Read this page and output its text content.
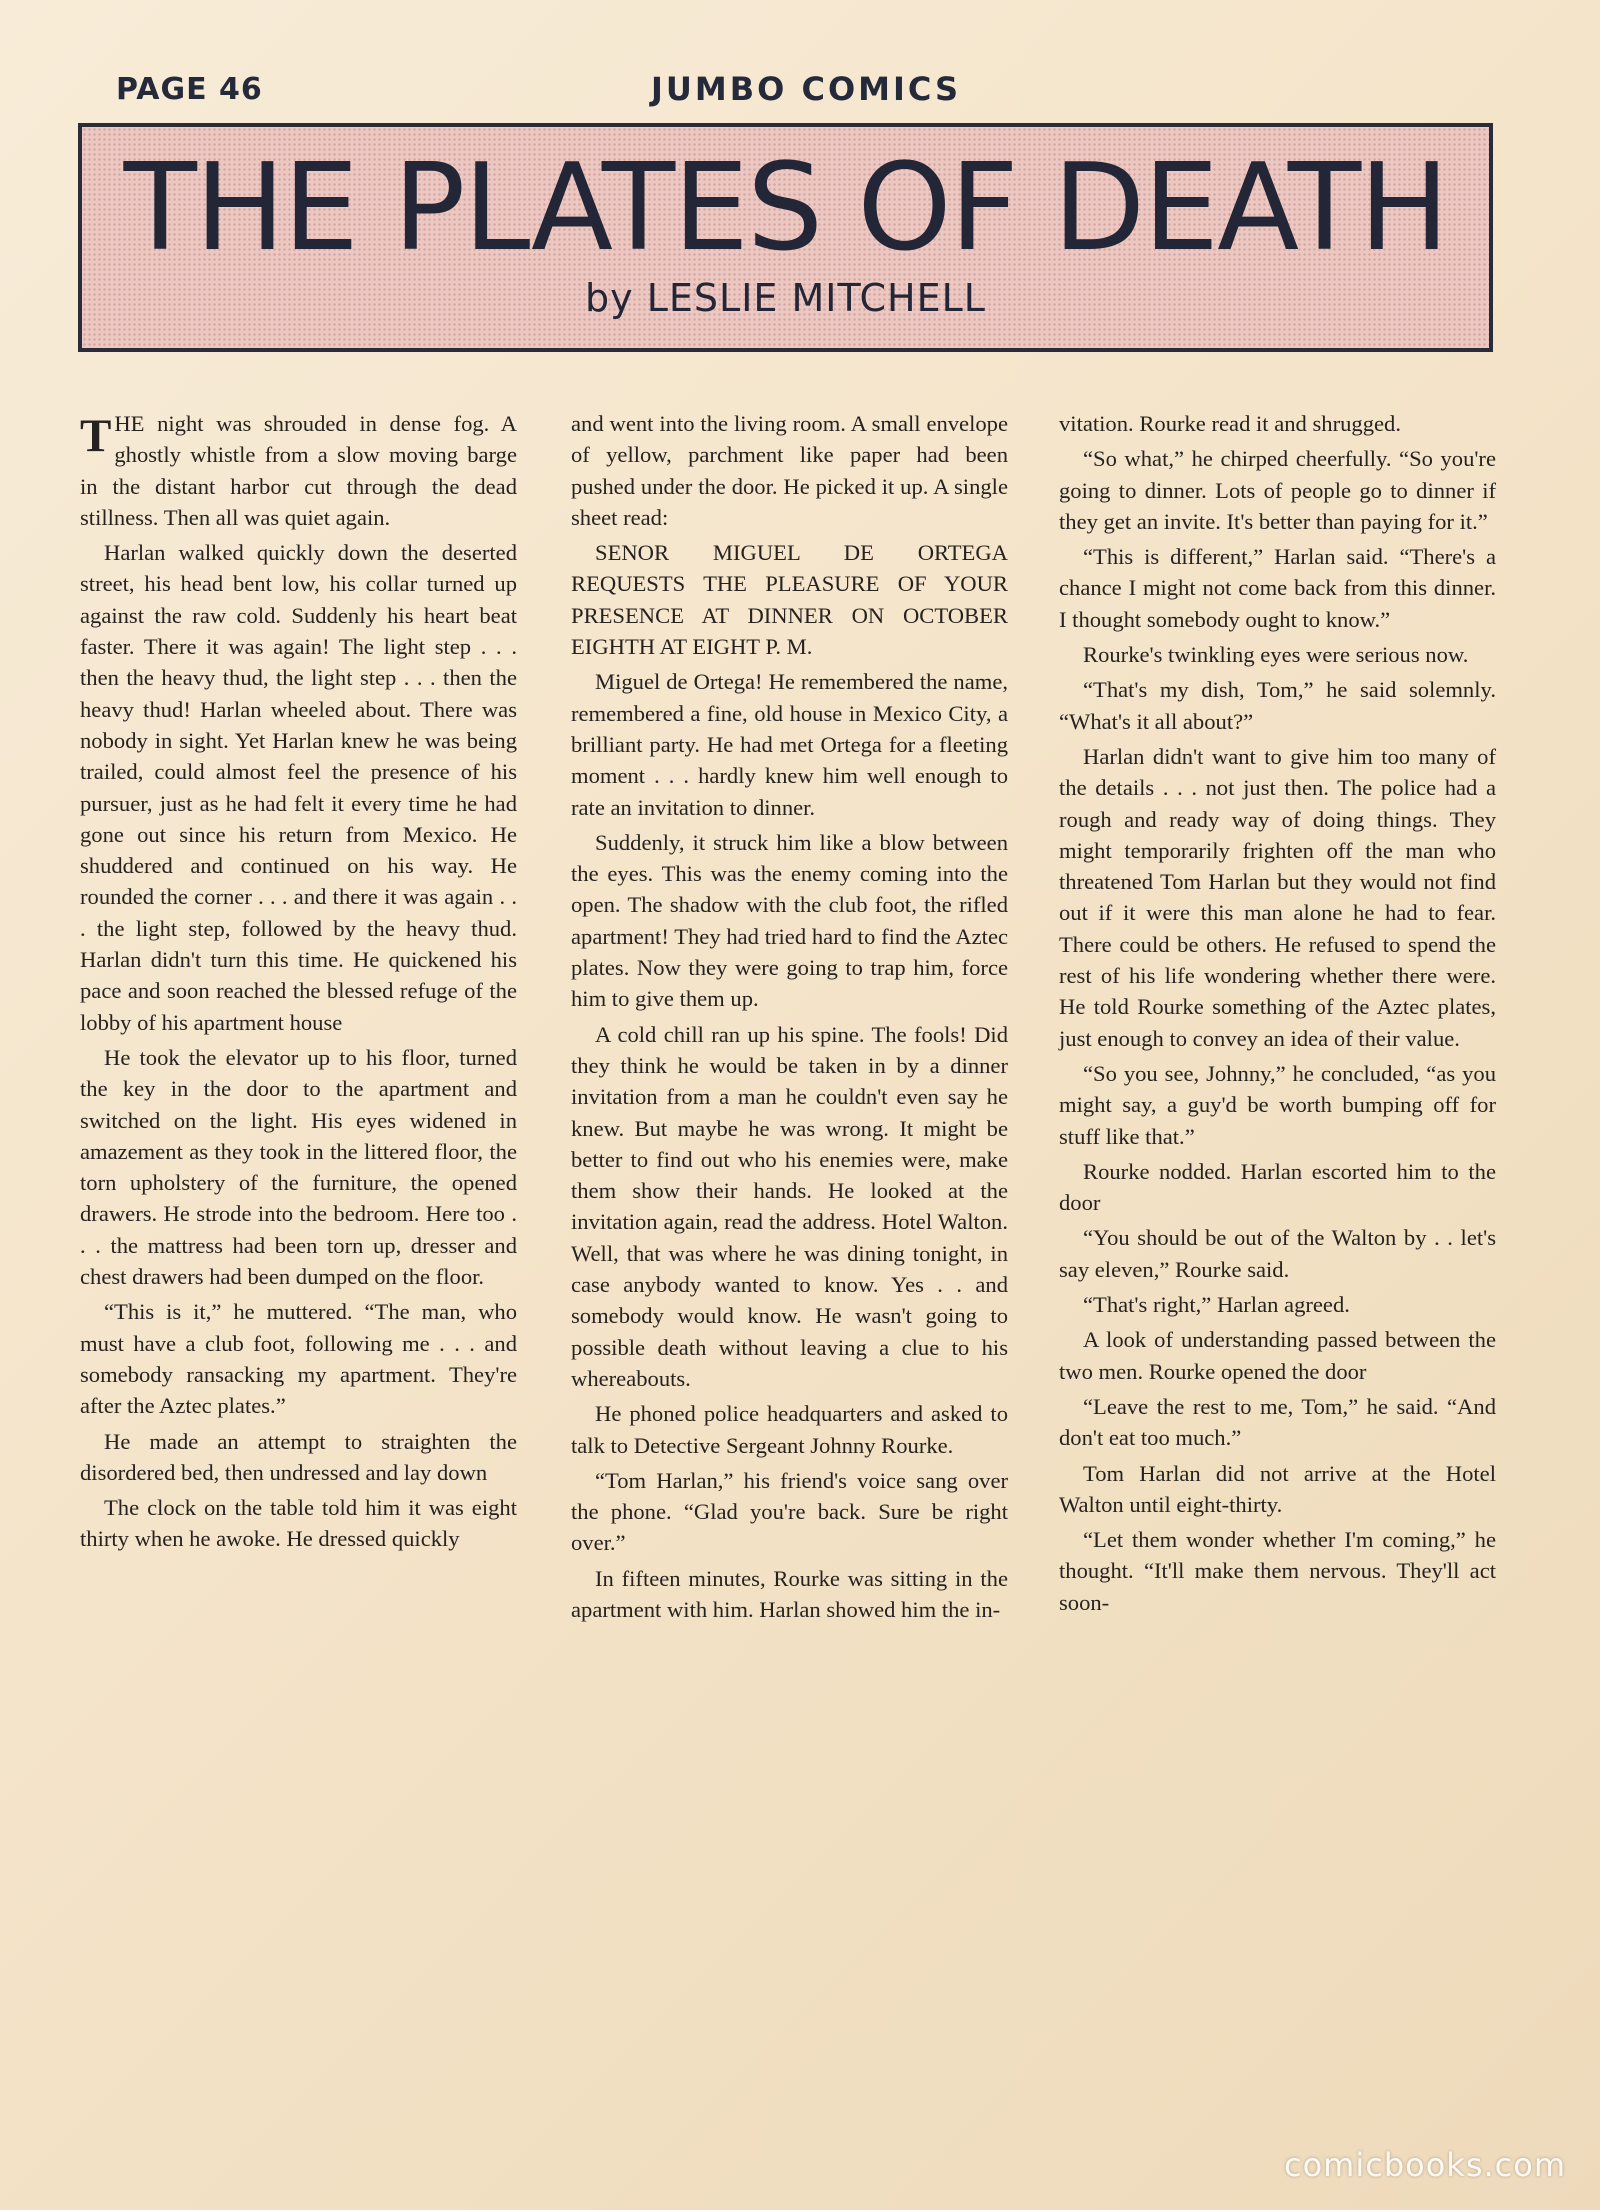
PAGE 46	JUMBO COMICS
THE PLATES OF DEATH
by LESLIE MITCHELL

THE night was shrouded in dense fog. A ghostly whistle from a slow moving barge in the distant harbor cut through the dead stillness. Then all was quiet again.

Harlan walked quickly down the deserted street, his head bent low, his collar turned up against the raw cold. Suddenly his heart beat faster. There it was again! The light step . . . then the heavy thud, the light step . . . then the heavy thud! Harlan wheeled about. There was nobody in sight. Yet Harlan knew he was being trailed, could almost feel the presence of his pursuer, just as he had felt it every time he had gone out since his return from Mexico. He shuddered and continued on his way. He rounded the corner . . . and there it was again . . . the light step, followed by the heavy thud. Harlan didn't turn this time. He quickened his pace and soon reached the blessed refuge of the lobby of his apartment house

He took the elevator up to his floor, turned the key in the door to the apartment and switched on the light. His eyes widened in amazement as they took in the littered floor, the torn upholstery of the furniture, the opened drawers. He strode into the bedroom. Here too . . . the mattress had been torn up, dresser and chest drawers had been dumped on the floor.

“This is it,” he muttered. “The man, who must have a club foot, following me . . . and somebody ransacking my apartment. They're after the Aztec plates.”

He made an attempt to straighten the disordered bed, then undressed and lay down

The clock on the table told him it was eight thirty when he awoke. He dressed quickly

and went into the living room. A small envelope of yellow, parchment like paper had been pushed under the door. He picked it up. A single sheet read:

SENOR MIGUEL DE ORTEGA REQUESTS THE PLEASURE OF YOUR PRESENCE AT DINNER ON OCTOBER EIGHTH AT EIGHT P. M.

Miguel de Ortega! He remembered the name, remembered a fine, old house in Mexico City, a brilliant party. He had met Ortega for a fleeting moment . . . hardly knew him well enough to rate an invitation to dinner.

Suddenly, it struck him like a blow between the eyes. This was the enemy coming into the open. The shadow with the club foot, the rifled apartment! They had tried hard to find the Aztec plates. Now they were going to trap him, force him to give them up.

A cold chill ran up his spine. The fools! Did they think he would be taken in by a dinner invitation from a man he couldn't even say he knew. But maybe he was wrong. It might be better to find out who his enemies were, make them show their hands. He looked at the invitation again, read the address. Hotel Walton. Well, that was where he was dining tonight, in case anybody wanted to know. Yes . . and somebody would know. He wasn't going to possible death without leaving a clue to his whereabouts.

He phoned police headquarters and asked to talk to Detective Sergeant Johnny Rourke.

“Tom Harlan,” his friend's voice sang over the phone. “Glad you're back. Sure be right over.”

In fifteen minutes, Rourke was sitting in the apartment with him. Harlan showed him the in-

vitation. Rourke read it and shrugged.

“So what,” he chirped cheerfully. “So you're going to dinner. Lots of people go to dinner if they get an invite. It's better than paying for it.”

“This is different,” Harlan said. “There's a chance I might not come back from this dinner. I thought somebody ought to know.”

Rourke's twinkling eyes were serious now.

“That's my dish, Tom,” he said solemnly. “What's it all about?”

Harlan didn't want to give him too many of the details . . . not just then. The police had a rough and ready way of doing things. They might temporarily frighten off the man who threatened Tom Harlan but they would not find out if it were this man alone he had to fear. There could be others. He refused to spend the rest of his life wondering whether there were. He told Rourke something of the Aztec plates, just enough to convey an idea of their value.

“So you see, Johnny,” he concluded, “as you might say, a guy'd be worth bumping off for stuff like that.”

Rourke nodded. Harlan escorted him to the door

“You should be out of the Walton by . . let's say eleven,” Rourke said.

“That's right,” Harlan agreed.

A look of understanding passed between the two men. Rourke opened the door

“Leave the rest to me, Tom,” he said. “And don't eat too much.”

Tom Harlan did not arrive at the Hotel Walton until eight-thirty.

“Let them wonder whether I'm coming,” he thought. “It'll make them nervous. They'll act soon-

comicbooks.com
